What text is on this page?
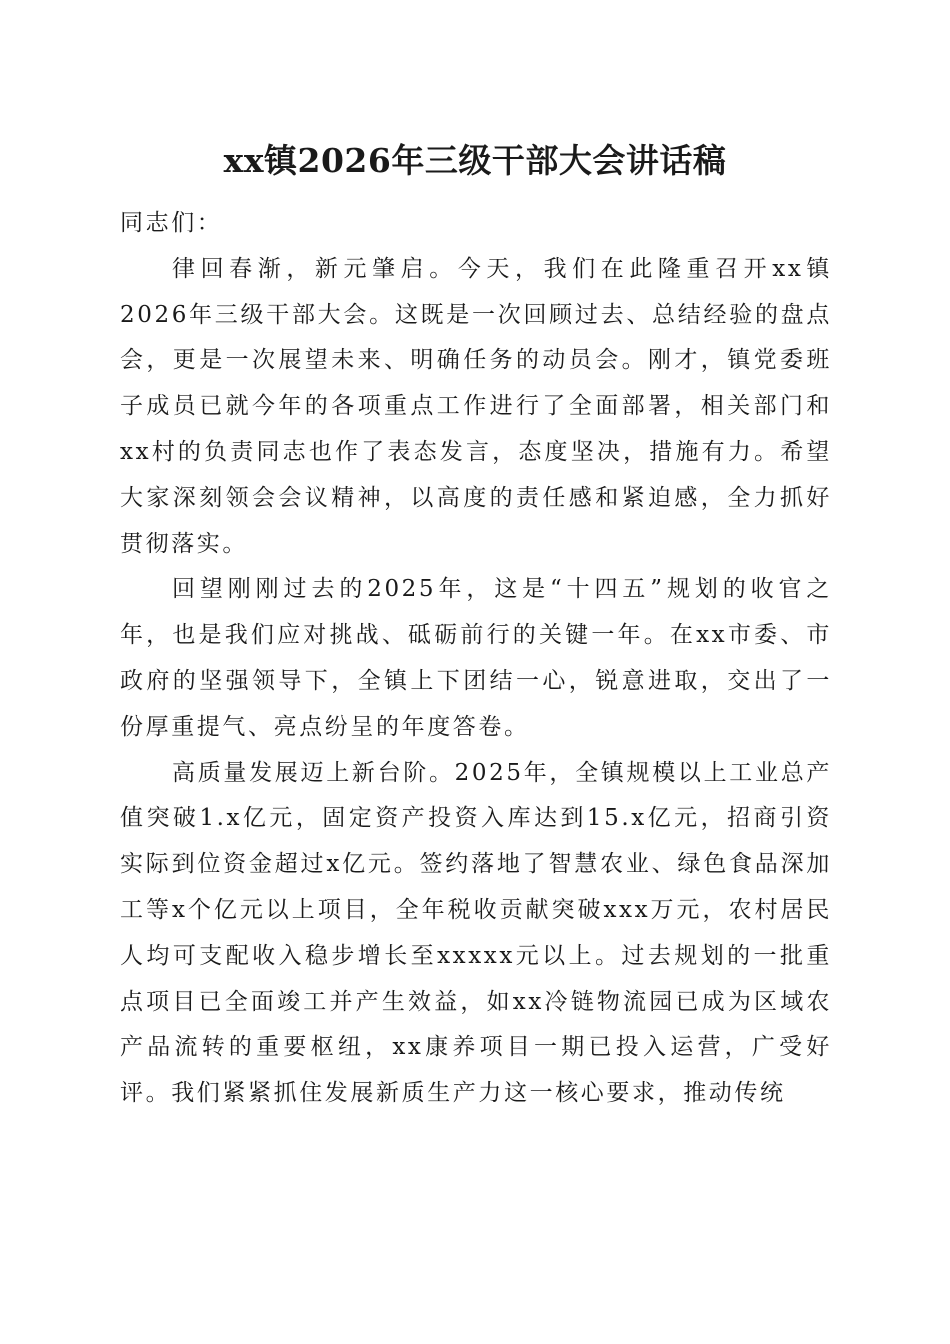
xx镇2026年三级干部大会讲话稿

同志们：

律回春渐，新元肇启。今天，我们在此隆重召开xx镇2026年三级干部大会。这既是一次回顾过去、总结经验的盘点会，更是一次展望未来、明确任务的动员会。刚才，镇党委班子成员已就今年的各项重点工作进行了全面部署，相关部门和xx村的负责同志也作了表态发言，态度坚决，措施有力。希望大家深刻领会会议精神，以高度的责任感和紧迫感，全力抓好贯彻落实。

回望刚刚过去的2025年，这是“十四五”规划的收官之年，也是我们应对挑战、砥砺前行的关键一年。在xx市委、市政府的坚强领导下，全镇上下团结一心，锐意进取，交出了一份厚重提气、亮点纷呈的年度答卷。

高质量发展迈上新台阶。2025年，全镇规模以上工业总产值突破1.x亿元，固定资产投资入库达到15.x亿元，招商引资实际到位资金超过x亿元。签约落地了智慧农业、绿色食品深加工等x个亿元以上项目，全年税收贡献突破xxx万元，农村居民人均可支配收入稳步增长至xxxxx元以上。过去规划的一批重点项目已全面竣工并产生效益，如xx冷链物流园已成为区域农产品流转的重要枢纽，xx康养项目一期已投入运营，广受好评。我们紧紧抓住发展新质生产力这一核心要求，推动传统
